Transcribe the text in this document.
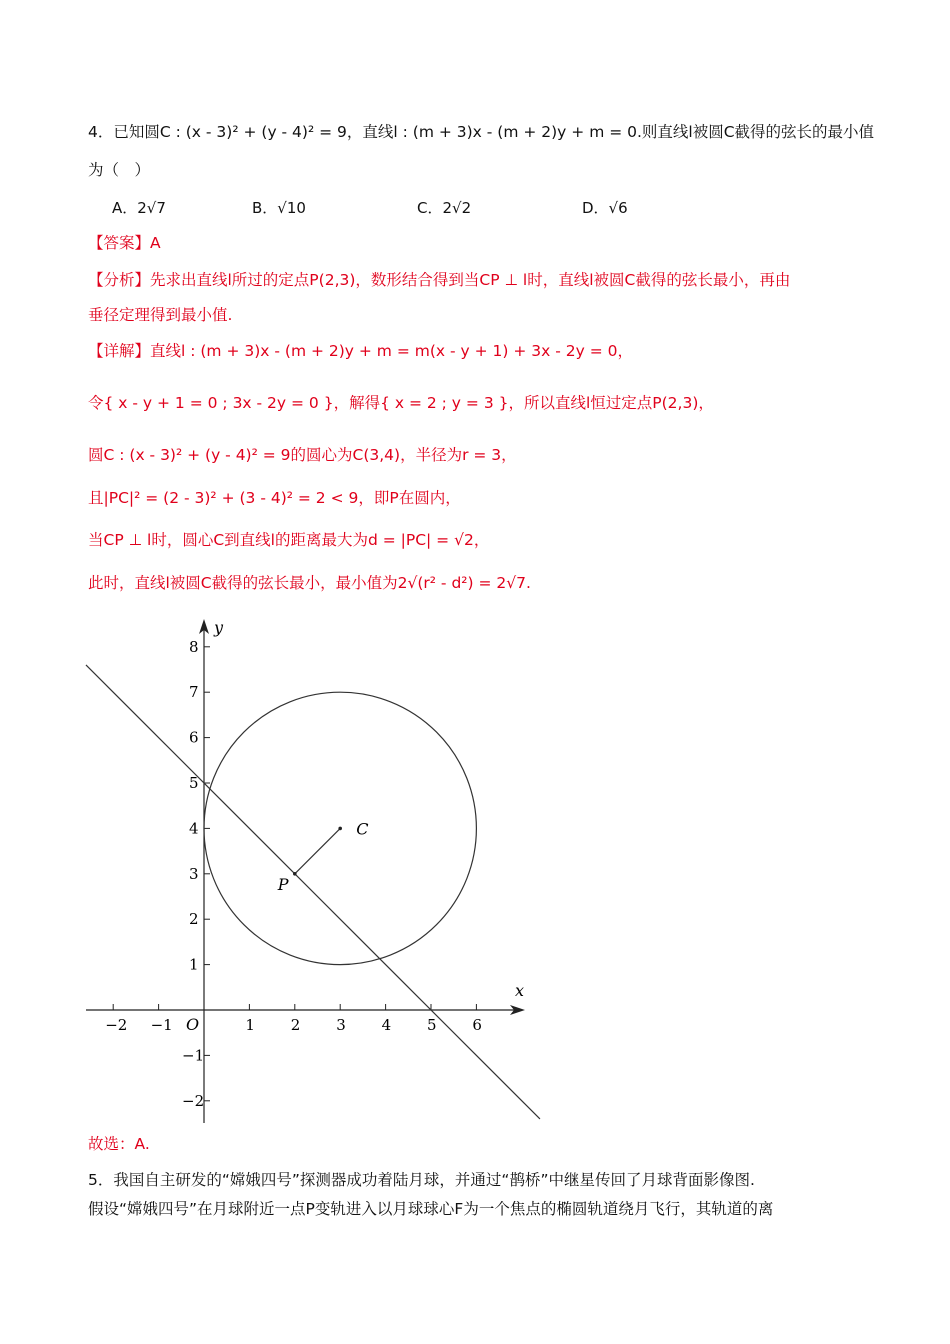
4．已知圆C : (x - 3)² + (y - 4)² = 9，直线l : (m + 3)x - (m + 2)y + m = 0.则直线l被圆C截得的弦长的最小值
为（　）
A．2√7	B．√10	C．2√2	D．√6
【答案】A
【分析】先求出直线l所过的定点P(2,3)，数形结合得到当CP ⊥ l时，直线l被圆C截得的弦长最小，再由
垂径定理得到最小值.
【详解】直线l : (m + 3)x - (m + 2)y + m = m(x - y + 1) + 3x - 2y = 0，
令{ x - y + 1 = 0 ; 3x - 2y = 0 }，解得{ x = 2 ; y = 3 }，所以直线l恒过定点P(2,3)，
圆C : (x - 3)² + (y - 4)² = 9的圆心为C(3,4)，半径为r = 3，
且|PC|² = (2 - 3)² + (3 - 4)² = 2 < 9，即P在圆内，
当CP ⊥ l时，圆心C到直线l的距离最大为d = |PC| = √2，
此时，直线l被圆C截得的弦长最小，最小值为2√(r² - d²) = 2√7.
−2 −1	1 2 3 4 5 6
−2
−1
1
2
3
4
5
6
7
8
x
y
O
C
P
故选：A.
5．我国自主研发的“嫦娥四号”探测器成功着陆月球，并通过“鹊桥”中继星传回了月球背面影像图.
假设“嫦娥四号”在月球附近一点P变轨进入以月球球心F为一个焦点的椭圆轨道绕月飞行，其轨道的离
